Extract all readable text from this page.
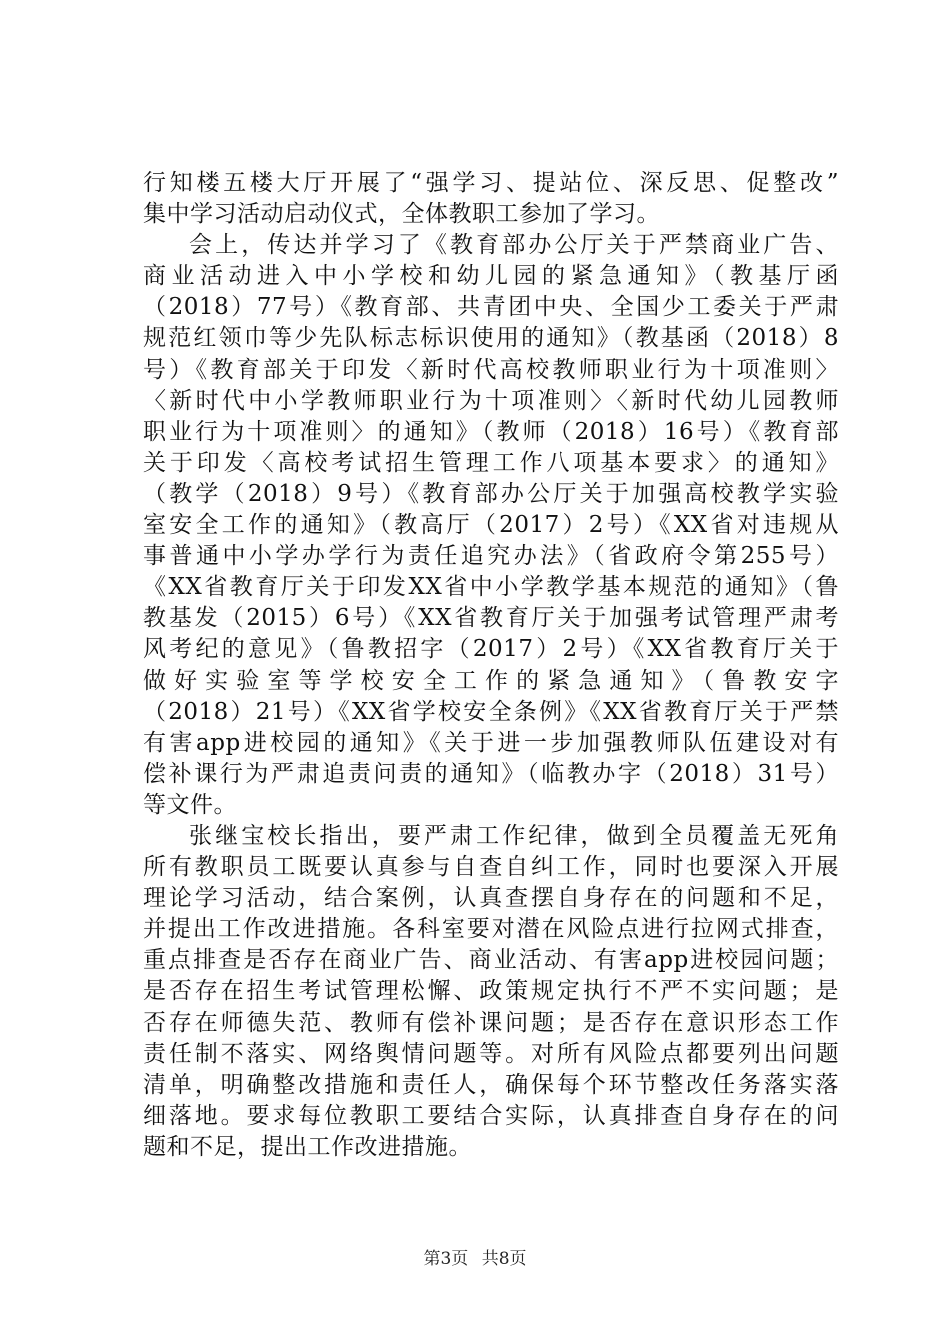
行知楼五楼大厅开展了“强学习、提站位、深反思、促整改”
集中学习活动启动仪式，全体教职工参加了学习。
会上，传达并学习了《教育部办公厅关于严禁商业广告、
商业活动进入中小学校和幼儿园的紧急通知》（教基厅函
（2018）77号）《教育部、共青团中央、全国少工委关于严肃
规范红领巾等少先队标志标识使用的通知》（教基函（2018）8
号）《教育部关于印发〈新时代高校教师职业行为十项准则〉
〈新时代中小学教师职业行为十项准则〉〈新时代幼儿园教师
职业行为十项准则〉的通知》（教师（2018）16号）《教育部
关于印发〈高校考试招生管理工作八项基本要求〉的通知》
（教学（2018）9号）《教育部办公厅关于加强高校教学实验
室安全工作的通知》（教高厅（2017）2号）《XX省对违规从
事普通中小学办学行为责任追究办法》（省政府令第255号）
《XX省教育厅关于印发XX省中小学教学基本规范的通知》（鲁
教基发（2015）6号）《XX省教育厅关于加强考试管理严肃考
风考纪的意见》（鲁教招字（2017）2号）《XX省教育厅关于
做好实验室等学校安全工作的紧急通知》（鲁教安字
（2018）21号）《XX省学校安全条例》《XX省教育厅关于严禁
有害app进校园的通知》《关于进一步加强教师队伍建设对有
偿补课行为严肃追责问责的通知》（临教办字（2018）31号）
等文件。
张继宝校长指出，要严肃工作纪律，做到全员覆盖无死角
所有教职员工既要认真参与自查自纠工作，同时也要深入开展
理论学习活动，结合案例，认真查摆自身存在的问题和不足，
并提出工作改进措施。各科室要对潜在风险点进行拉网式排查，
重点排查是否存在商业广告、商业活动、有害app进校园问题；
是否存在招生考试管理松懈、政策规定执行不严不实问题；是
否存在师德失范、教师有偿补课问题；是否存在意识形态工作
责任制不落实、网络舆情问题等。对所有风险点都要列出问题
清单，明确整改措施和责任人，确保每个环节整改任务落实落
细落地。要求每位教职工要结合实际，认真排查自身存在的问
题和不足，提出工作改进措施。
第3页 共8页
